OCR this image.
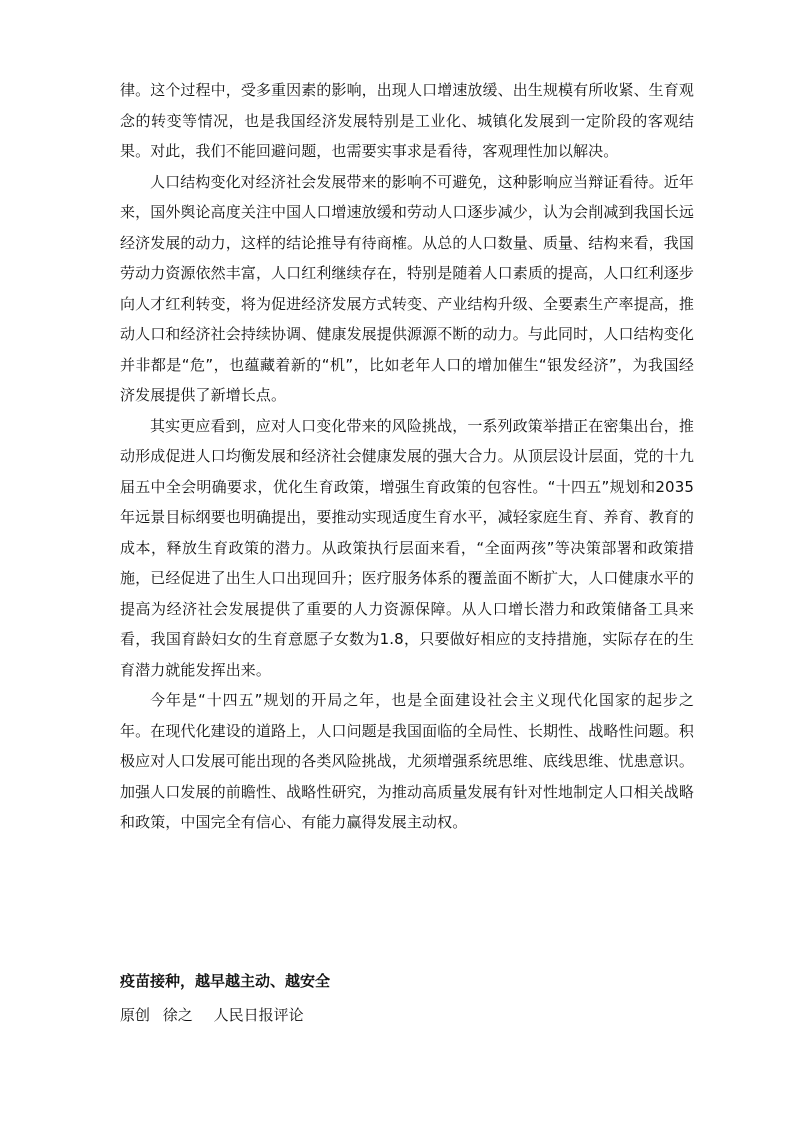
律。这个过程中，受多重因素的影响，出现人口增速放缓、出生规模有所收紧、生育观念的转变等情况，也是我国经济发展特别是工业化、城镇化发展到一定阶段的客观结果。对此，我们不能回避问题，也需要实事求是看待，客观理性加以解决。

人口结构变化对经济社会发展带来的影响不可避免，这种影响应当辩证看待。近年来，国外舆论高度关注中国人口增速放缓和劳动人口逐步减少，认为会削减到我国长远经济发展的动力，这样的结论推导有待商榷。从总的人口数量、质量、结构来看，我国劳动力资源依然丰富，人口红利继续存在，特别是随着人口素质的提高，人口红利逐步向人才红利转变，将为促进经济发展方式转变、产业结构升级、全要素生产率提高，推动人口和经济社会持续协调、健康发展提供源源不断的动力。与此同时，人口结构变化并非都是“危”，也蕴藏着新的“机”，比如老年人口的增加催生“银发经济”，为我国经济发展提供了新增长点。

其实更应看到，应对人口变化带来的风险挑战，一系列政策举措正在密集出台，推动形成促进人口均衡发展和经济社会健康发展的强大合力。从顶层设计层面，党的十九届五中全会明确要求，优化生育政策，增强生育政策的包容性。“十四五”规划和2035年远景目标纲要也明确提出，要推动实现适度生育水平，减轻家庭生育、养育、教育的成本，释放生育政策的潜力。从政策执行层面来看，“全面两孩”等决策部署和政策措施，已经促进了出生人口出现回升；医疗服务体系的覆盖面不断扩大，人口健康水平的提高为经济社会发展提供了重要的人力资源保障。从人口增长潜力和政策储备工具来看，我国育龄妇女的生育意愿子女数为1.8，只要做好相应的支持措施，实际存在的生育潜力就能发挥出来。

今年是“十四五”规划的开局之年，也是全面建设社会主义现代化国家的起步之年。在现代化建设的道路上，人口问题是我国面临的全局性、长期性、战略性问题。积极应对人口发展可能出现的各类风险挑战，尤须增强系统思维、底线思维、忧患意识。加强人口发展的前瞻性、战略性研究，为推动高质量发展有针对性地制定人口相关战略和政策，中国完全有信心、有能力赢得发展主动权。

疫苗接种，越早越主动、越安全

原创 徐之 人民日报评论
